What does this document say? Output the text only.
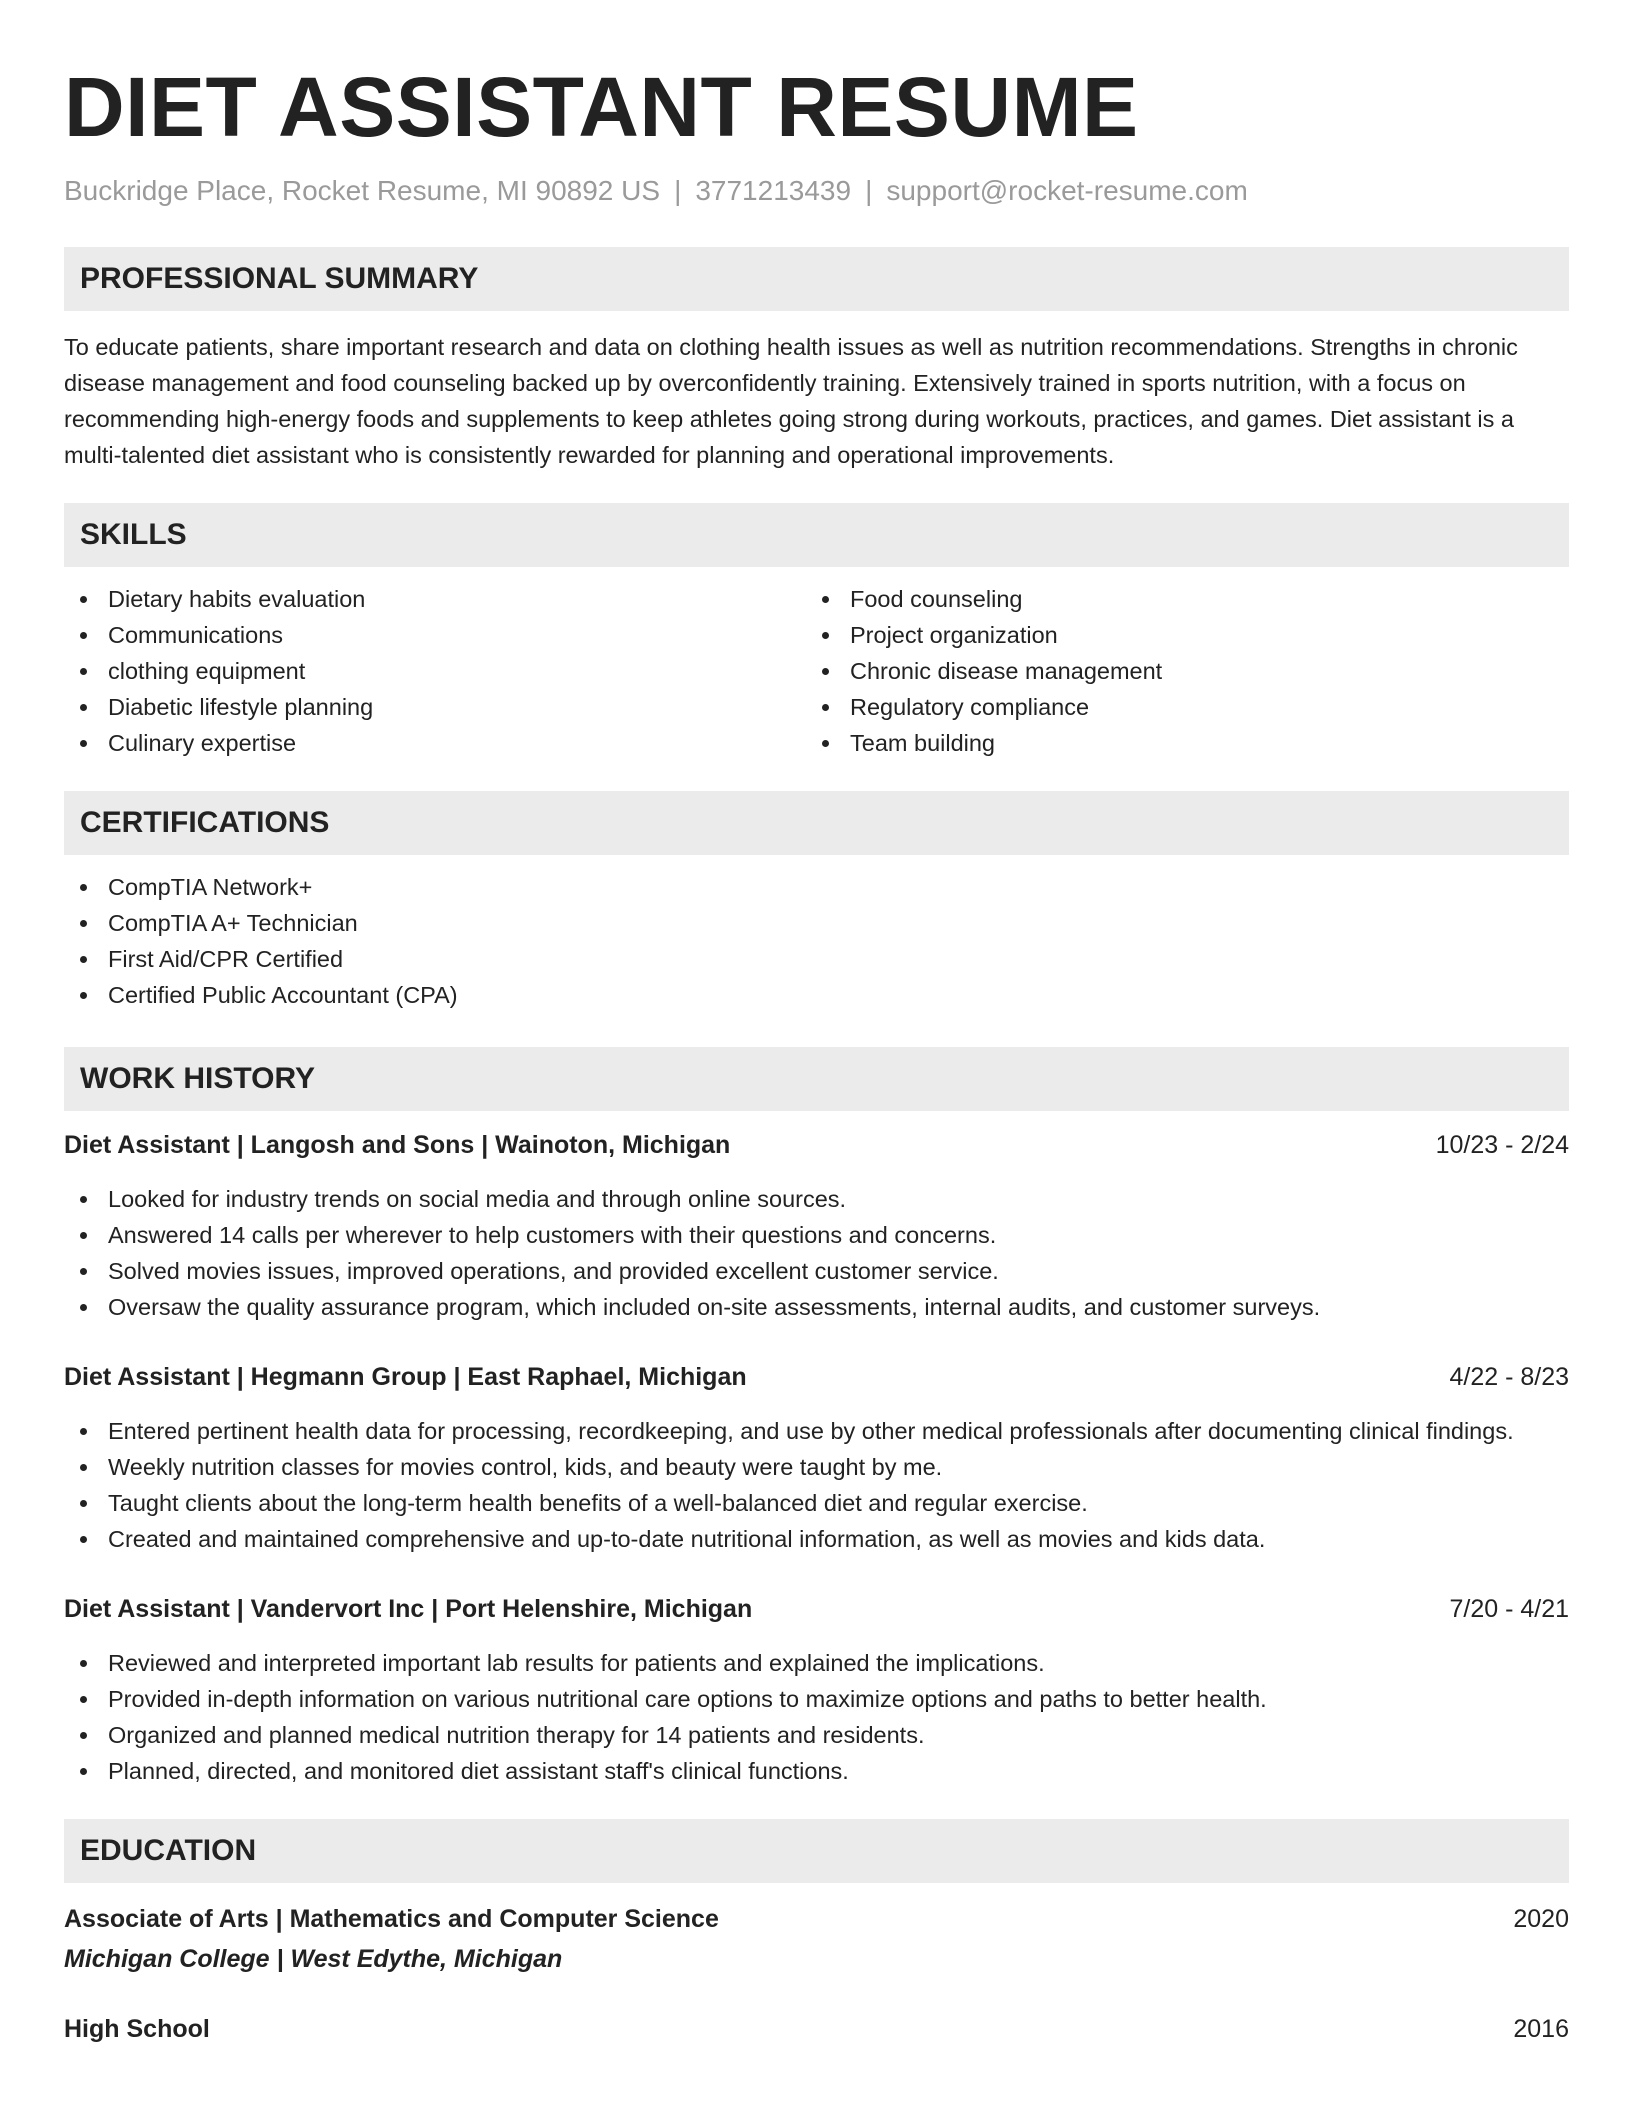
DIET ASSISTANT RESUME
Buckridge Place, Rocket Resume, MI 90892 US | 3771213439 | support@rocket-resume.com
PROFESSIONAL SUMMARY

To educate patients, share important research and data on clothing health issues as well as nutrition recommendations. Strengths in chronic disease management and food counseling backed up by overconfidently training. Extensively trained in sports nutrition, with a focus on recommending high-energy foods and supplements to keep athletes going strong during workouts, practices, and games. Diet assistant is a multi-talented diet assistant who is consistently rewarded for planning and operational improvements.

SKILLS
Dietary habits evaluation
Communications
clothing equipment
Diabetic lifestyle planning
Culinary expertise
Food counseling
Project organization
Chronic disease management
Regulatory compliance
Team building
CERTIFICATIONS
CompTIA Network+
CompTIA A+ Technician
First Aid/CPR Certified
Certified Public Accountant (CPA)
WORK HISTORY
Diet Assistant | Langosh and Sons | Wainoton, Michigan	10/23 - 2/24
Looked for industry trends on social media and through online sources.
Answered 14 calls per wherever to help customers with their questions and concerns.
Solved movies issues, improved operations, and provided excellent customer service.
Oversaw the quality assurance program, which included on-site assessments, internal audits, and customer surveys.
Diet Assistant | Hegmann Group | East Raphael, Michigan	4/22 - 8/23
Entered pertinent health data for processing, recordkeeping, and use by other medical professionals after documenting clinical findings.
Weekly nutrition classes for movies control, kids, and beauty were taught by me.
Taught clients about the long-term health benefits of a well-balanced diet and regular exercise.
Created and maintained comprehensive and up-to-date nutritional information, as well as movies and kids data.
Diet Assistant | Vandervort Inc | Port Helenshire, Michigan	7/20 - 4/21
Reviewed and interpreted important lab results for patients and explained the implications.
Provided in-depth information on various nutritional care options to maximize options and paths to better health.
Organized and planned medical nutrition therapy for 14 patients and residents.
Planned, directed, and monitored diet assistant staff's clinical functions.
EDUCATION
Associate of Arts | Mathematics and Computer Science	2020
Michigan College | West Edythe, Michigan
High School	2016
